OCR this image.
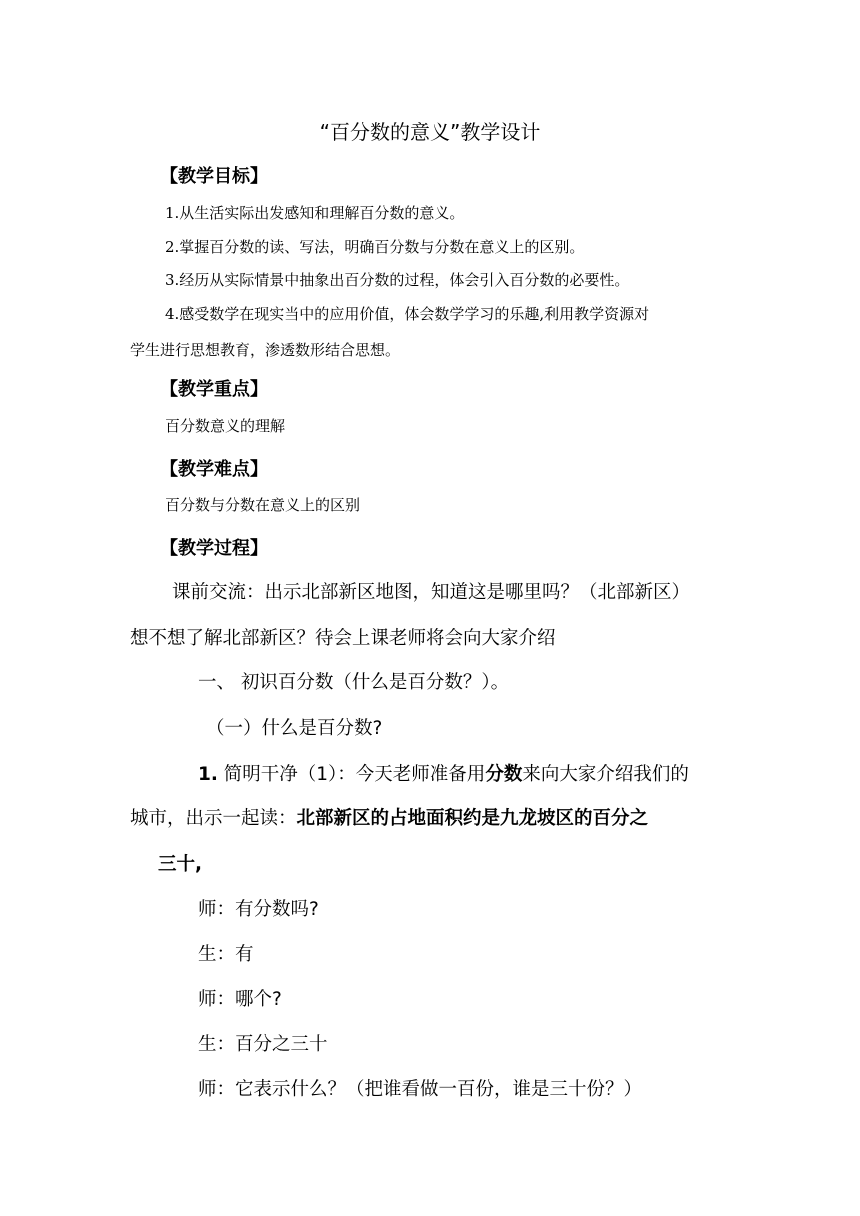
“百分数的意义”教学设计
【教学目标】
1.从生活实际出发感知和理解百分数的意义。
2.掌握百分数的读、写法，明确百分数与分数在意义上的区别。
3.经历从实际情景中抽象出百分数的过程，体会引入百分数的必要性。
4.感受数学在现实当中的应用价值，体会数学学习的乐趣,利用教学资源对
学生进行思想教育，渗透数形结合思想。
【教学重点】
百分数意义的理解
【教学难点】
百分数与分数在意义上的区别
【教学过程】
课前交流：出示北部新区地图，知道这是哪里吗？（北部新区）
想不想了解北部新区？待会上课老师将会向大家介绍
一、 初识百分数（什么是百分数？）。
（一）什么是百分数?
1. 简明干净（1）：今天老师准备用分数来向大家介绍我们的
城市，出示一起读：北部新区的占地面积约是九龙坡区的百分之
三十,
师：有分数吗?
生：有
师：哪个?
生：百分之三十
师：它表示什么？（把谁看做一百份，谁是三十份？）
